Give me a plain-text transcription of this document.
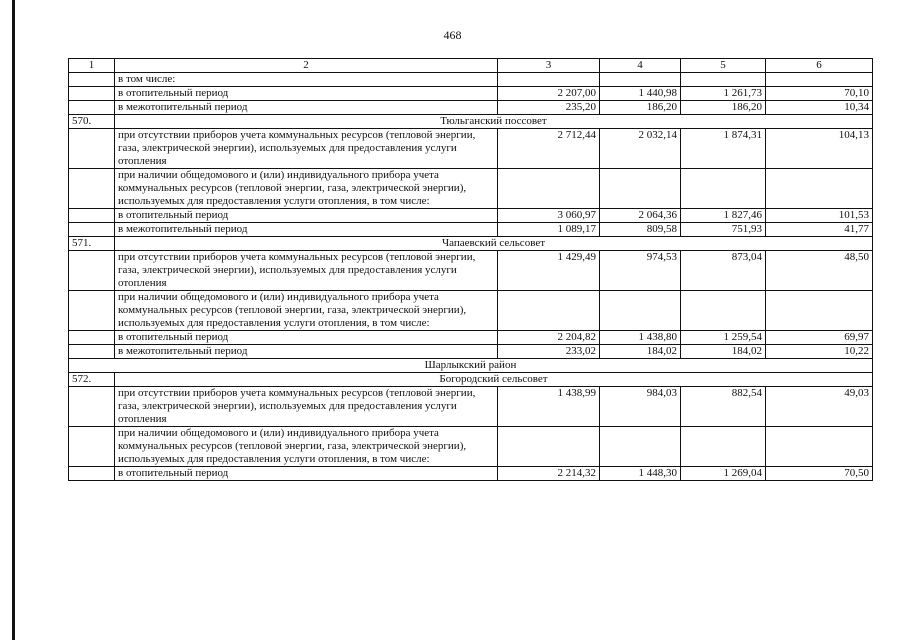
468
1	2	3	4	5	6
	в том числе:				
	в отопительный период	2 207,00	1 440,98	1 261,73	70,10
	в межотопительный период	235,20	186,20	186,20	10,34
570.	Тюльганский поссовет				
	при отсутствии приборов учета коммунальных ресурсов (тепловой энергии, газа, электрической энергии), используемых для предоставления услуги отопления	2 712,44	2 032,14	1 874,31	104,13
	при наличии общедомового и (или) индивидуального прибора учета коммунальных ресурсов (тепловой энергии, газа, электрической энергии), используемых для предоставления услуги отопления, в том числе:				
	в отопительный период	3 060,97	2 064,36	1 827,46	101,53
	в межотопительный период	1 089,17	809,58	751,93	41,77
571.	Чапаевский сельсовет				
	при отсутствии приборов учета коммунальных ресурсов (тепловой энергии, газа, электрической энергии), используемых для предоставления услуги отопления	1 429,49	974,53	873,04	48,50
	при наличии общедомового и (или) индивидуального прибора учета коммунальных ресурсов (тепловой энергии, газа, электрической энергии), используемых для предоставления услуги отопления, в том числе:				
	в отопительный период	2 204,82	1 438,80	1 259,54	69,97
	в межотопительный период	233,02	184,02	184,02	10,22
Шарлыкский район					
572.	Богородский сельсовет				
	при отсутствии приборов учета коммунальных ресурсов (тепловой энергии, газа, электрической энергии), используемых для предоставления услуги отопления	1 438,99	984,03	882,54	49,03
	при наличии общедомового и (или) индивидуального прибора учета коммунальных ресурсов (тепловой энергии, газа, электрической энергии), используемых для предоставления услуги отопления, в том числе:				
	в отопительный период	2 214,32	1 448,30	1 269,04	70,50
